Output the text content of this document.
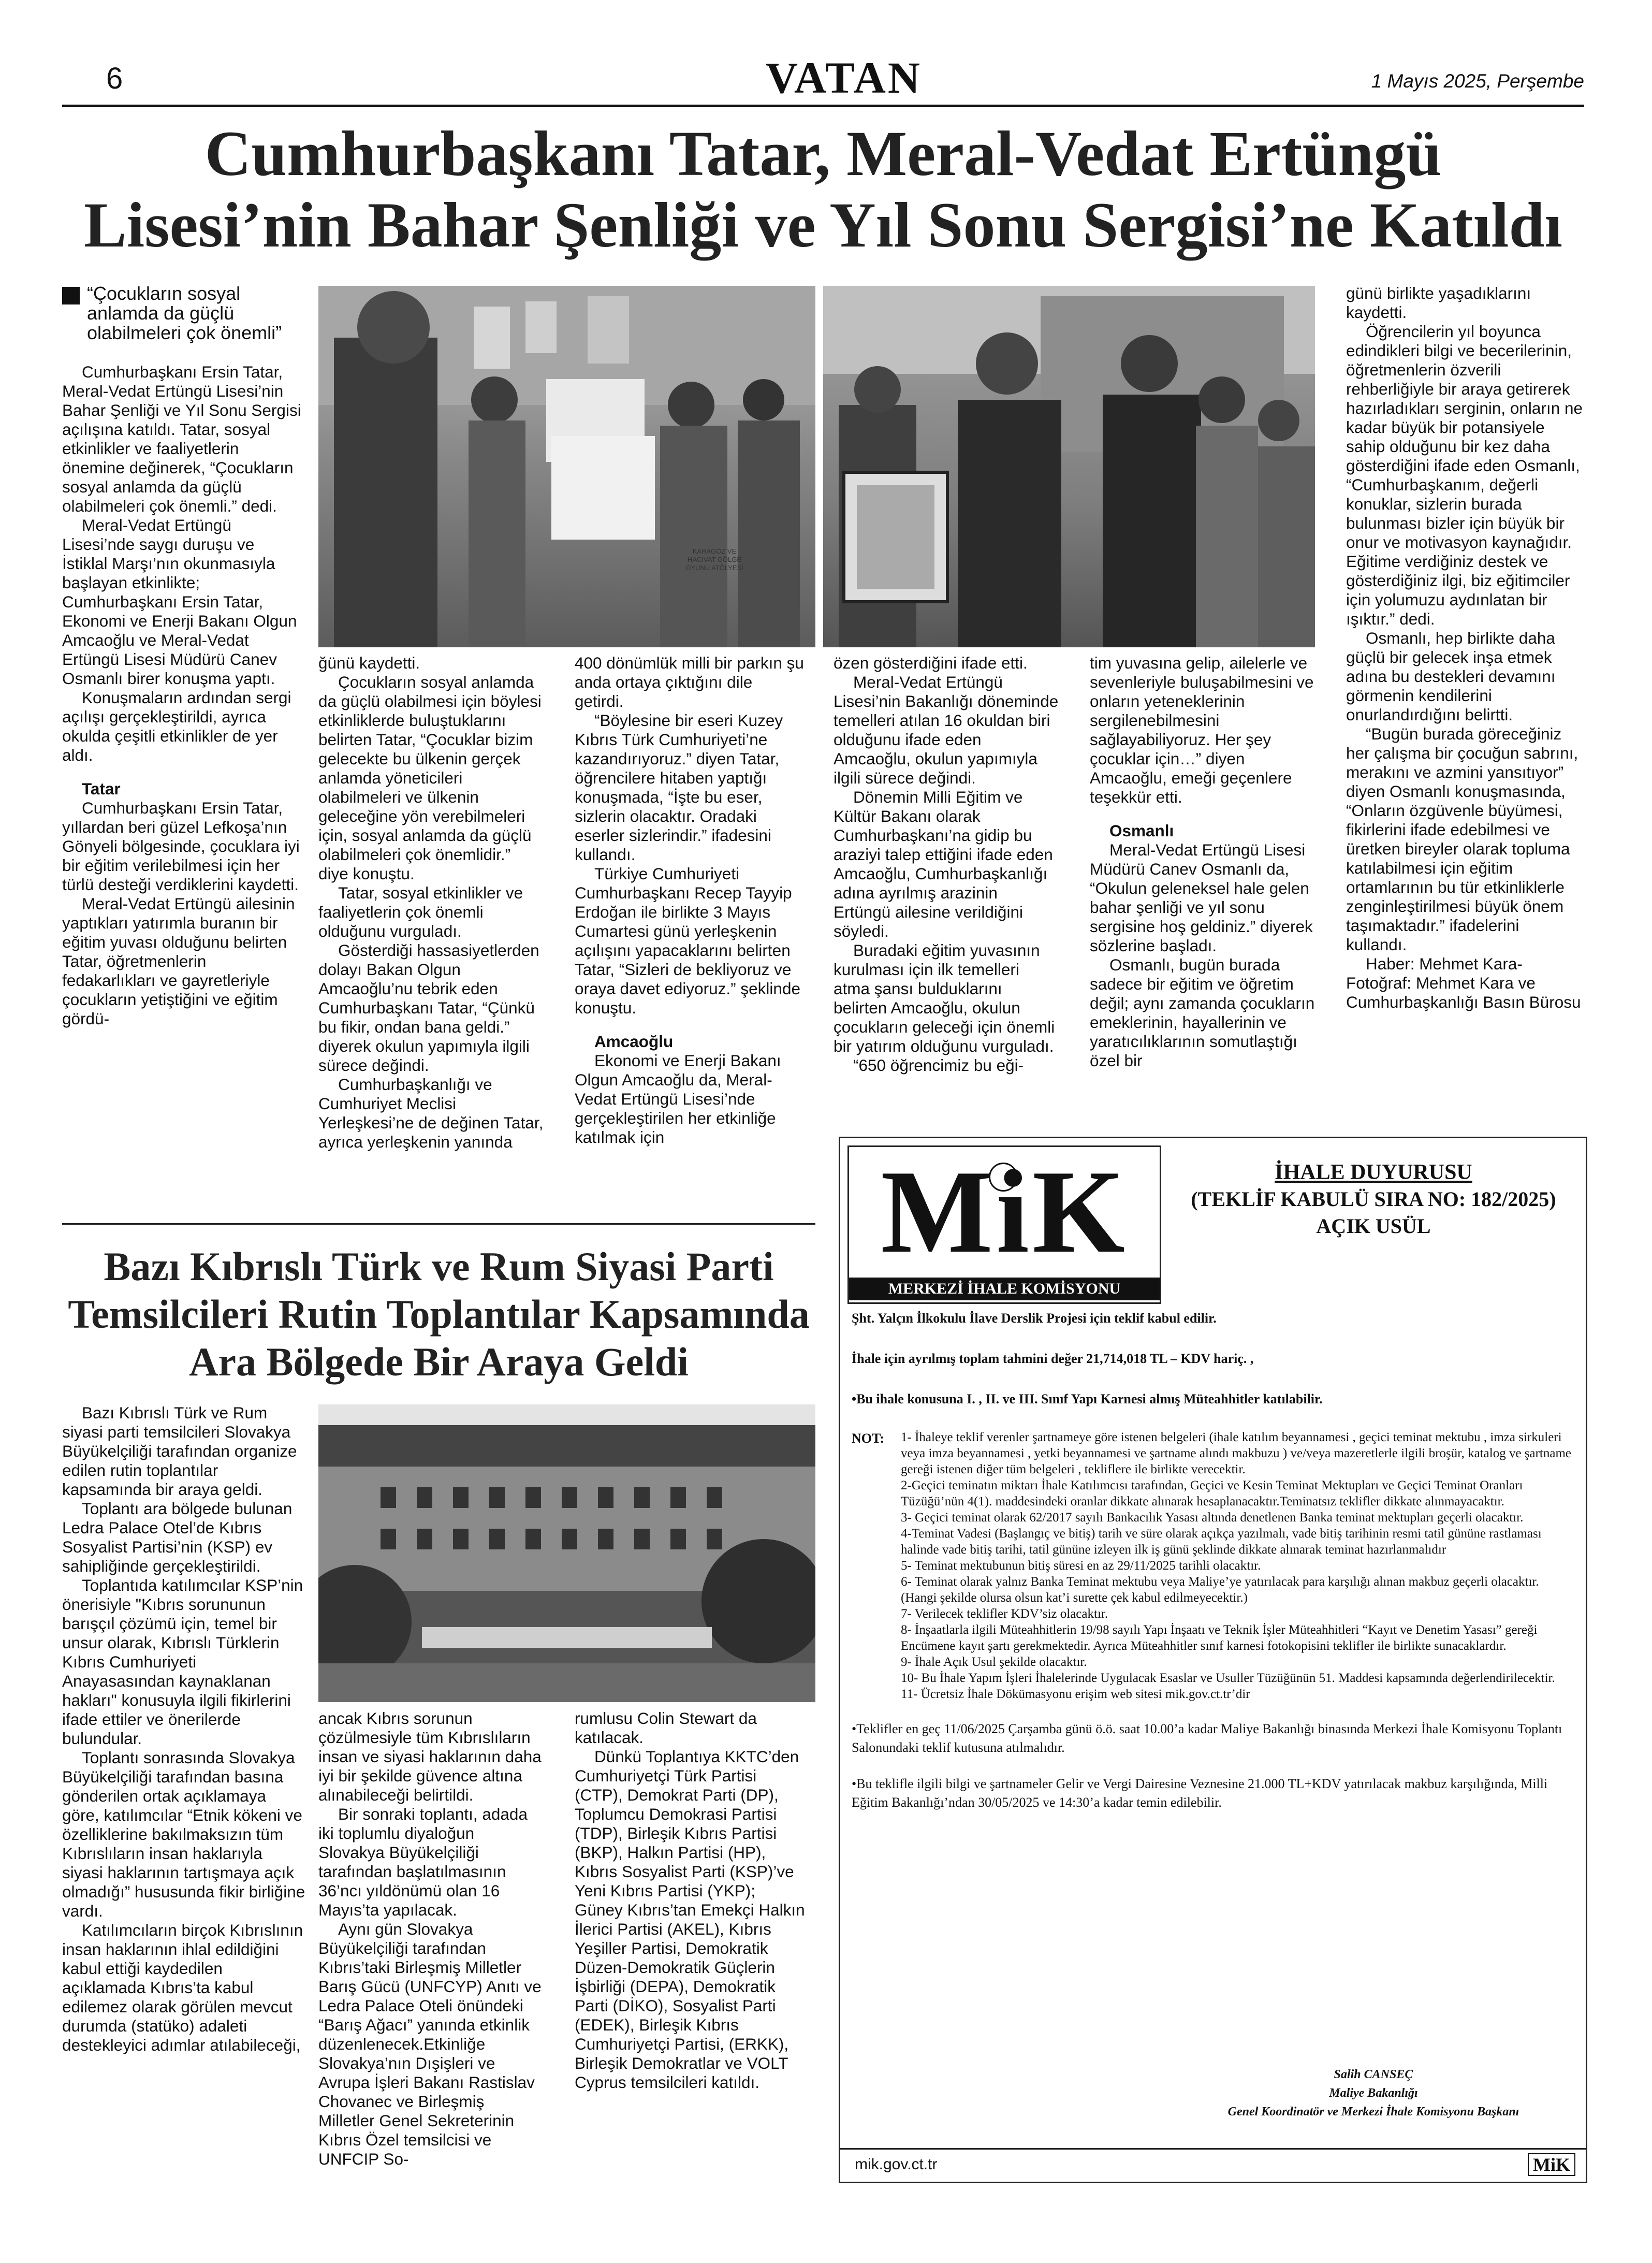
6	VATAN	1 Mayıs 2025, Perşembe
Cumhurbaşkanı Tatar, Meral-Vedat Ertüngü
Lisesi’nin Bahar Şenliği ve Yıl Sonu Sergisi’ne Katıldı
“Çocukların sosyal anlamda da güçlü olabilmeleri çok önemli”

Cumhurbaşkanı Ersin Tatar, Meral-Vedat Ertüngü Lisesi’nin Bahar Şenliği ve Yıl Sonu Sergisi açılışına katıldı. Tatar, sosyal etkinlikler ve faaliyetlerin önemine değinerek, “Çocukların sosyal anlamda da güçlü olabilmeleri çok önemli.” dedi.

Meral-Vedat Ertüngü Lisesi’nde saygı duruşu ve İstiklal Marşı’nın okunmasıyla başlayan etkinlikte; Cumhurbaşkanı Ersin Tatar, Ekonomi ve Enerji Bakanı Olgun Amcaoğlu ve Meral-Vedat Ertüngü Lisesi Müdürü Canev Osmanlı birer konuşma yaptı.

Konuşmaların ardından sergi açılışı gerçekleştirildi, ayrıca okulda çeşitli etkinlikler de yer aldı.

Tatar

Cumhurbaşkanı Ersin Tatar, yıllardan beri güzel Lefkoşa’nın Gönyeli bölgesinde, çocuklara iyi bir eğitim verilebilmesi için her türlü desteği verdiklerini kaydetti.

Meral-Vedat Ertüngü ailesinin yaptıkları yatırımla buranın bir eğitim yuvası olduğunu belirten Tatar, öğretmenlerin fedakarlıkları ve gayretleriyle çocukların yetiştiğini ve eğitim gördü-

KARAGÖZ VE HACIVAT GÖLGE OYUNU ATÖLYESİ

ğünü kaydetti.

Çocukların sosyal anlamda da güçlü olabilmesi için böylesi etkinliklerde buluştuklarını belirten Tatar, “Çocuklar bizim gelecekte bu ülkenin gerçek anlamda yöneticileri olabilmeleri ve ülkenin geleceğine yön verebilmeleri için, sosyal anlamda da güçlü olabilmeleri çok önemlidir.” diye konuştu.

Tatar, sosyal etkinlikler ve faaliyetlerin çok önemli olduğunu vurguladı.

Gösterdiği hassasiyetlerden dolayı Bakan Olgun Amcaoğlu’nu tebrik eden Cumhurbaşkanı Tatar, “Çünkü bu fikir, ondan bana geldi.” diyerek okulun yapımıyla ilgili sürece değindi.

Cumhurbaşkanlığı ve Cumhuriyet Meclisi Yerleşkesi’ne de değinen Tatar, ayrıca yerleşkenin yanında

400 dönümlük milli bir parkın şu anda ortaya çıktığını dile getirdi.

“Böylesine bir eseri Kuzey Kıbrıs Türk Cumhuriyeti’ne kazandırıyoruz.” diyen Tatar, öğrencilere hitaben yaptığı konuşmada, “İşte bu eser, sizlerin olacaktır. Oradaki eserler sizlerindir.” ifadesini kullandı.

Türkiye Cumhuriyeti Cumhurbaşkanı Recep Tayyip Erdoğan ile birlikte 3 Mayıs Cumartesi günü yerleşkenin açılışını yapacaklarını belirten Tatar, “Sizleri de bekliyoruz ve oraya davet ediyoruz.” şeklinde konuştu.

Amcaoğlu

Ekonomi ve Enerji Bakanı Olgun Amcaoğlu da, Meral-Vedat Ertüngü Lisesi’nde gerçekleştirilen her etkinliğe katılmak için

özen gösterdiğini ifade etti.

Meral-Vedat Ertüngü Lisesi’nin Bakanlığı döneminde temelleri atılan 16 okuldan biri olduğunu ifade eden Amcaoğlu, okulun yapımıyla ilgili sürece değindi.

Dönemin Milli Eğitim ve Kültür Bakanı olarak Cumhurbaşkanı’na gidip bu araziyi talep ettiğini ifade eden Amcaoğlu, Cumhurbaşkanlığı adına ayrılmış arazinin Ertüngü ailesine verildiğini söyledi.

Buradaki eğitim yuvasının kurulması için ilk temelleri atma şansı bulduklarını belirten Amcaoğlu, okulun çocukların geleceği için önemli bir yatırım olduğunu vurguladı.

“650 öğrencimiz bu eği-

tim yuvasına gelip, ailelerle ve sevenleriyle buluşabilmesini ve onların yeteneklerinin sergilenebilmesini sağlayabiliyoruz. Her şey çocuklar için…” diyen Amcaoğlu, emeği geçenlere teşekkür etti.

Osmanlı

Meral-Vedat Ertüngü Lisesi Müdürü Canev Osmanlı da, “Okulun geleneksel hale gelen bahar şenliği ve yıl sonu sergisine hoş geldiniz.” diyerek sözlerine başladı.

Osmanlı, bugün burada sadece bir eğitim ve öğretim değil; aynı zamanda çocukların emeklerinin, hayallerinin ve yaratıcılıklarının somutlaştığı özel bir

günü birlikte yaşadıklarını kaydetti.

Öğrencilerin yıl boyunca edindikleri bilgi ve becerilerinin, öğretmenlerin özverili rehberliğiyle bir araya getirerek hazırladıkları serginin, onların ne kadar büyük bir potansiyele sahip olduğunu bir kez daha gösterdiğini ifade eden Osmanlı, “Cumhurbaşkanım, değerli konuklar, sizlerin burada bulunması bizler için büyük bir onur ve motivasyon kaynağıdır. Eğitime verdiğiniz destek ve gösterdiğiniz ilgi, biz eğitimciler için yolumuzu aydınlatan bir ışıktır.” dedi.

Osmanlı, hep birlikte daha güçlü bir gelecek inşa etmek adına bu destekleri devamını görmenin kendilerini onurlandırdığını belirtti.

“Bugün burada göreceğiniz her çalışma bir çocuğun sabrını, merakını ve azmini yansıtıyor” diyen Osmanlı konuşmasında, “Onların özgüvenle büyümesi, fikirlerini ifade edebilmesi ve üretken bireyler olarak topluma katılabilmesi için eğitim ortamlarının bu tür etkinliklerle zenginleştirilmesi büyük önem taşımaktadır.” ifadelerini kullandı.

Haber: Mehmet Kara-Fotoğraf: Mehmet Kara ve Cumhurbaşkanlığı Basın Bürosu

Bazı Kıbrıslı Türk ve Rum Siyasi Parti
Temsilcileri Rutin Toplantılar Kapsamında
Ara Bölgede Bir Araya Geldi

Bazı Kıbrıslı Türk ve Rum siyasi parti temsilcileri Slovakya Büyükelçiliği tarafından organize edilen rutin toplantılar kapsamında bir araya geldi.

Toplantı ara bölgede bulunan Ledra Palace Otel’de Kıbrıs Sosyalist Partisi’nin (KSP) ev sahipliğinde gerçekleştirildi.

Toplantıda katılımcılar KSP’nin önerisiyle "Kıbrıs sorununun barışçıl çözümü için, temel bir unsur olarak, Kıbrıslı Türklerin Kıbrıs Cumhuriyeti Anayasasından kaynaklanan hakları" konusuyla ilgili fikirlerini ifade ettiler ve önerilerde bulundular.

Toplantı sonrasında Slovakya Büyükelçiliği tarafından basına gönderilen ortak açıklamaya göre, katılımcılar “Etnik kökeni ve özelliklerine bakılmaksızın tüm Kıbrıslıların insan haklarıyla siyasi haklarının tartışmaya açık olmadığı” hususunda fikir birliğine vardı.

Katılımcıların birçok Kıbrıslının insan haklarının ihlal edildiğini kabul ettiği kaydedilen açıklamada Kıbrıs’ta kabul edilemez olarak görülen mevcut durumda (statüko) adaleti destekleyici adımlar atılabileceği,

ancak Kıbrıs sorunun çözülmesiyle tüm Kıbrıslıların insan ve siyasi haklarının daha iyi bir şekilde güvence altına alınabileceği belirtildi.

Bir sonraki toplantı, adada iki toplumlu diyaloğun Slovakya Büyükelçiliği tarafından başlatılmasının 36’ncı yıldönümü olan 16 Mayıs’ta yapılacak.

Aynı gün Slovakya Büyükelçiliği tarafından Kıbrıs’taki Birleşmiş Milletler Barış Gücü (UNFCYP) Anıtı ve Ledra Palace Oteli önündeki “Barış Ağacı” yanında etkinlik düzenlenecek.Etkinliğe Slovakya’nın Dışişleri ve Avrupa İşleri Bakanı Rastislav Chovanec ve Birleşmiş Milletler Genel Sekreterinin Kıbrıs Özel temsilcisi ve UNFCIP So-

rumlusu Colin Stewart da katılacak.

Dünkü Toplantıya KKTC’den Cumhuriyetçi Türk Partisi (CTP), Demokrat Parti (DP), Toplumcu Demokrasi Partisi (TDP), Birleşik Kıbrıs Partisi (BKP), Halkın Partisi (HP), Kıbrıs Sosyalist Parti (KSP)’ve Yeni Kıbrıs Partisi (YKP); Güney Kıbrıs’tan Emekçi Halkın İlerici Partisi (AKEL), Kıbrıs Yeşiller Partisi, Demokratik Düzen-Demokratik Güçlerin İşbirliği (DEPA), Demokratik Parti (DİKO), Sosyalist Parti (EDEK), Birleşik Kıbrıs Cumhuriyetçi Partisi, (ERKK), Birleşik Demokratlar ve VOLT Cyprus temsilcileri katıldı.

MiK
MERKEZİ İHALE KOMİSYONU
İHALE DUYURUSU
(TEKLİF KABULÜ SIRA NO: 182/2025)
AÇIK USÜL
Şht. Yalçın İlkokulu İlave Derslik Projesi için teklif kabul edilir.
İhale için ayrılmış toplam tahmini değer 21,714,018 TL – KDV hariç. ,
•Bu ihale konusuna I. , II. ve III. Sınıf Yapı Karnesi almış Müteahhitler katılabilir.
NOT: 1- İhaleye teklif verenler şartnameye göre istenen belgeleri (ihale katılım beyannamesi , geçici teminat mektubu , imza sirkuleri veya imza beyannamesi , yetki beyannamesi ve şartname alındı makbuzu ) ve/veya mazeretlerle ilgili broşür, katalog ve şartname gereği istenen diğer tüm belgeleri , tekliflere ile birlikte verecektir.
2-Geçici teminatın miktarı İhale Katılımcısı tarafından, Geçici ve Kesin Teminat Mektupları ve Geçici Teminat Oranları Tüzüğü’nün 4(1). maddesindeki oranlar dikkate alınarak hesaplanacaktır.Teminatsız teklifler dikkate alınmayacaktır.
3- Geçici teminat olarak 62/2017 sayılı Bankacılık Yasası altında denetlenen Banka teminat mektupları geçerli olacaktır.
4-Teminat Vadesi (Başlangıç ve bitiş) tarih ve süre olarak açıkça yazılmalı, vade bitiş tarihinin resmi tatil gününe rastlaması halinde vade bitiş tarihi, tatil gününe izleyen ilk iş günü şeklinde dikkate alınarak teminat hazırlanmalıdır
5- Teminat mektubunun bitiş süresi en az 29/11/2025 tarihli olacaktır.
6- Teminat olarak yalnız Banka Teminat mektubu veya Maliye’ye yatırılacak para karşılığı alınan makbuz geçerli olacaktır. (Hangi şekilde olursa olsun kat’i surette çek kabul edilmeyecektir.)
7- Verilecek teklifler KDV’siz olacaktır.
8- İnşaatlarla ilgili Müteahhitlerin 19/98 sayılı Yapı İnşaatı ve Teknik İşler Müteahhitleri “Kayıt ve Denetim Yasası” gereği Encümene kayıt şartı gerekmektedir. Ayrıca Müteahhitler sınıf karnesi fotokopisini teklifler ile birlikte sunacaklardır.
9- İhale Açık Usul şekilde olacaktır.
10- Bu İhale Yapım İşleri İhalelerinde Uygulacak Esaslar ve Usuller Tüzüğünün 51. Maddesi kapsamında değerlendirilecektir.
11- Ücretsiz İhale Dökümasyonu erişim web sitesi mik.gov.ct.tr’dir
•Teklifler en geç 11/06/2025 Çarşamba günü ö.ö. saat 10.00’a kadar Maliye Bakanlığı binasında Merkezi İhale Komisyonu Toplantı Salonundaki teklif kutusuna atılmalıdır.
•Bu teklifle ilgili bilgi ve şartnameler Gelir ve Vergi Dairesine Veznesine 21.000 TL+KDV yatırılacak makbuz karşılığında, Milli Eğitim Bakanlığı’ndan 30/05/2025 ve 14:30’a kadar temin edilebilir.
Salih CANSEÇ
Maliye Bakanlığı
Genel Koordinatör ve Merkezi İhale Komisyonu Başkanı
mik.gov.ct.tr	MiK
